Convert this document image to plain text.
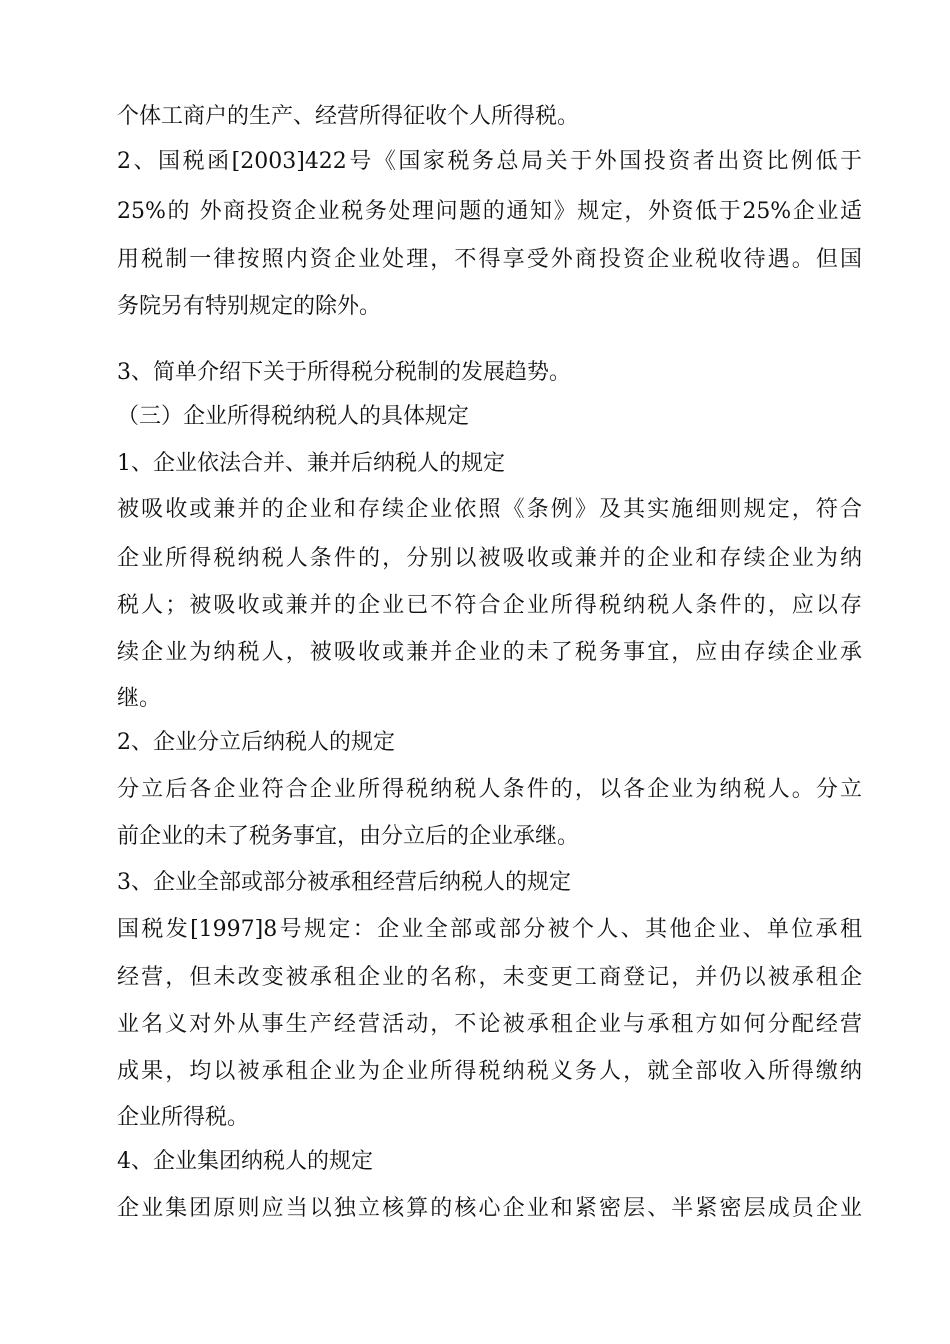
个体工商户的生产、经营所得征收个人所得税。
2、国税函[2003]422号《国家税务总局关于外国投资者出资比例低于
25%的 外商投资企业税务处理问题的通知》规定，外资低于25%企业适
用税制一律按照内资企业处理，不得享受外商投资企业税收待遇。但国
务院另有特别规定的除外。
3、简单介绍下关于所得税分税制的发展趋势。
（三）企业所得税纳税人的具体规定
1、企业依法合并、兼并后纳税人的规定
被吸收或兼并的企业和存续企业依照《条例》及其实施细则规定，符合
企业所得税纳税人条件的，分别以被吸收或兼并的企业和存续企业为纳
税人；被吸收或兼并的企业已不符合企业所得税纳税人条件的，应以存
续企业为纳税人，被吸收或兼并企业的未了税务事宜，应由存续企业承
继。
2、企业分立后纳税人的规定
分立后各企业符合企业所得税纳税人条件的，以各企业为纳税人。分立
前企业的未了税务事宜，由分立后的企业承继。
3、企业全部或部分被承租经营后纳税人的规定
国税发[1997]8号规定：企业全部或部分被个人、其他企业、单位承租
经营，但未改变被承租企业的名称，未变更工商登记，并仍以被承租企
业名义对外从事生产经营活动，不论被承租企业与承租方如何分配经营
成果，均以被承租企业为企业所得税纳税义务人，就全部收入所得缴纳
企业所得税。
4、企业集团纳税人的规定
企业集团原则应当以独立核算的核心企业和紧密层、半紧密层成员企业
